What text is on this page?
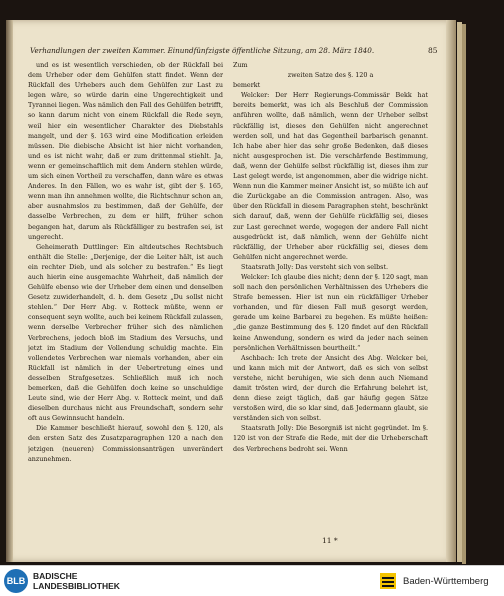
Verhandlungen der zweiten Kammer. Einundfünfzigste öffentliche Sitzung, am 28. März 1840.	85

und es ist wesentlich verschieden, ob der Rückfall bei dem Urheber oder dem Gehülfen statt findet. Wenn der Rückfall des Urhebers auch dem Gehülfen zur Last zu legen wäre, so würde darin eine Ungerechtigkeit und Tyrannei liegen. Was nämlich den Fall des Gehülfen betrifft, so kann darum nicht von einem Rückfall die Rede seyn, weil hier ein wesentlicher Charakter des Diebstahls mangelt, und der §. 163 wird eine Modification erleiden müssen. Die diebische Absicht ist hier nicht vorhanden, und es ist nicht wahr, daß er zum drittenmal stiehlt. Ja, wenn er gemeinschaftlich mit dem Andern stehlen würde, um sich einen Vortheil zu verschaffen, dann wäre es etwas Anderes. In den Fällen, wo es wahr ist, gibt der §. 165, wenn man ihn annehmen wollte, die Richtschnur schon an, aber ausnahmslos zu bestimmen, daß der Gehülfe, der dasselbe Verbrechen, zu dem er hilft, früher schon begangen hat, darum als Rückfälliger zu bestrafen sei, ist ungerecht.

Geheimerath Duttlinger: Ein altdeutsches Rechtsbuch enthält die Stelle: „Derjenige, der die Leiter hält, ist auch ein rechter Dieb, und als solcher zu bestrafen.“ Es liegt auch hierin eine ausgemachte Wahrheit, daß nämlich der Gehülfe ebenso wie der Urheber dem einen und denselben Gesetz zuwiderhandelt, d. h. dem Gesetz „Du sollst nicht stehlen.“ Der Herr Abg. v. Rotteck müßte, wenn er consequent seyn wollte, auch bei keinem Rückfall zulassen, wenn derselbe Verbrecher früher sich des nämlichen Verbrechens, jedoch bloß im Stadium des Versuchs, und jetzt im Stadium der Vollendung schuldig machte. Ein vollendetes Verbrechen war niemals vorhanden, aber ein Rückfall ist nämlich in der Uebertretung eines und desselben Strafgesetzes. Schließlich muß ich noch bemerken, daß die Gehülfen doch keine so unschuldige Leute sind, wie der Herr Abg. v. Rotteck meint, und daß dieselben durchaus nicht aus Freundschaft, sondern sehr oft aus Gewinnsucht handeln.

Die Kammer beschließt hierauf, sowohl den §. 120, als den ersten Satz des Zusatzparagraphen 120 a nach den jetzigen (neueren) Commissionsanträgen unverändert anzunehmen.

Zum

zweiten Satze des §. 120 a

bemerkt

Welcker: Der Herr Regierungs-Commissär Bekk hat bereits bemerkt, was ich als Beschluß der Commission anführen wollte, daß nämlich, wenn der Urheber selbst rückfällig ist, dieses den Gehülfen nicht angerechnet werden soll, und hat das Gegentheil barbarisch genannt. Ich habe aber hier das sehr große Bedenken, daß dieses nicht ausgesprochen ist. Die verschärfende Bestimmung, daß, wenn der Gehülfe selbst rückfällig ist, dieses ihm zur Last gelegt werde, ist angenommen, aber die widrige nicht. Wenn nun die Kammer meiner Ansicht ist, so müßte ich auf die Zurückgabe an die Commission antragen. Also, was über den Rückfall in diesem Paragraphen steht, beschränkt sich darauf, daß, wenn der Gehülfe rückfällig sei, dieses zur Last gerechnet werde, wogegen der andere Fall nicht ausgedrückt ist, daß nämlich, wenn der Gehülfe nicht rückfällig, der Urheber aber rückfällig sei, dieses dem Gehülfen nicht angerechnet werde.

Staatsrath Jolly: Das versteht sich von selbst.

Welcker: Ich glaube dies nicht; denn der §. 120 sagt, man soll nach den persönlichen Verhältnissen des Urhebers die Strafe bemessen. Hier ist nun ein rückfälliger Urheber vorhanden, und für diesen Fall muß gesorgt werden, gerade um keine Barbarei zu begehen. Es müßte heißen: „die ganze Bestimmung des §. 120 findet auf den Rückfall keine Anwendung, sondern es wird da jeder nach seinen persönlichen Verhältnissen beurtheilt.“

Aschbach: Ich trete der Ansicht des Abg. Welcker bei, und kann mich mit der Antwort, daß es sich von selbst verstehe, nicht beruhigen, wie sich denn auch Niemand damit trösten wird, der durch die Erfahrung belehrt ist, denn diese zeigt täglich, daß gar häufig gegen Sätze verstoßen wird, die so klar sind, daß Jedermann glaubt, sie verständen sich von selbst.

Staatsrath Jolly: Die Besorgniß ist nicht gegründet. Im §. 120 ist von der Strafe die Rede, mit der die Urheberschaft des Verbrechens bedroht sei. Wenn

11 *
BLB BADISCHE
LANDESBIBLIOTHEK	Baden-Württemberg
